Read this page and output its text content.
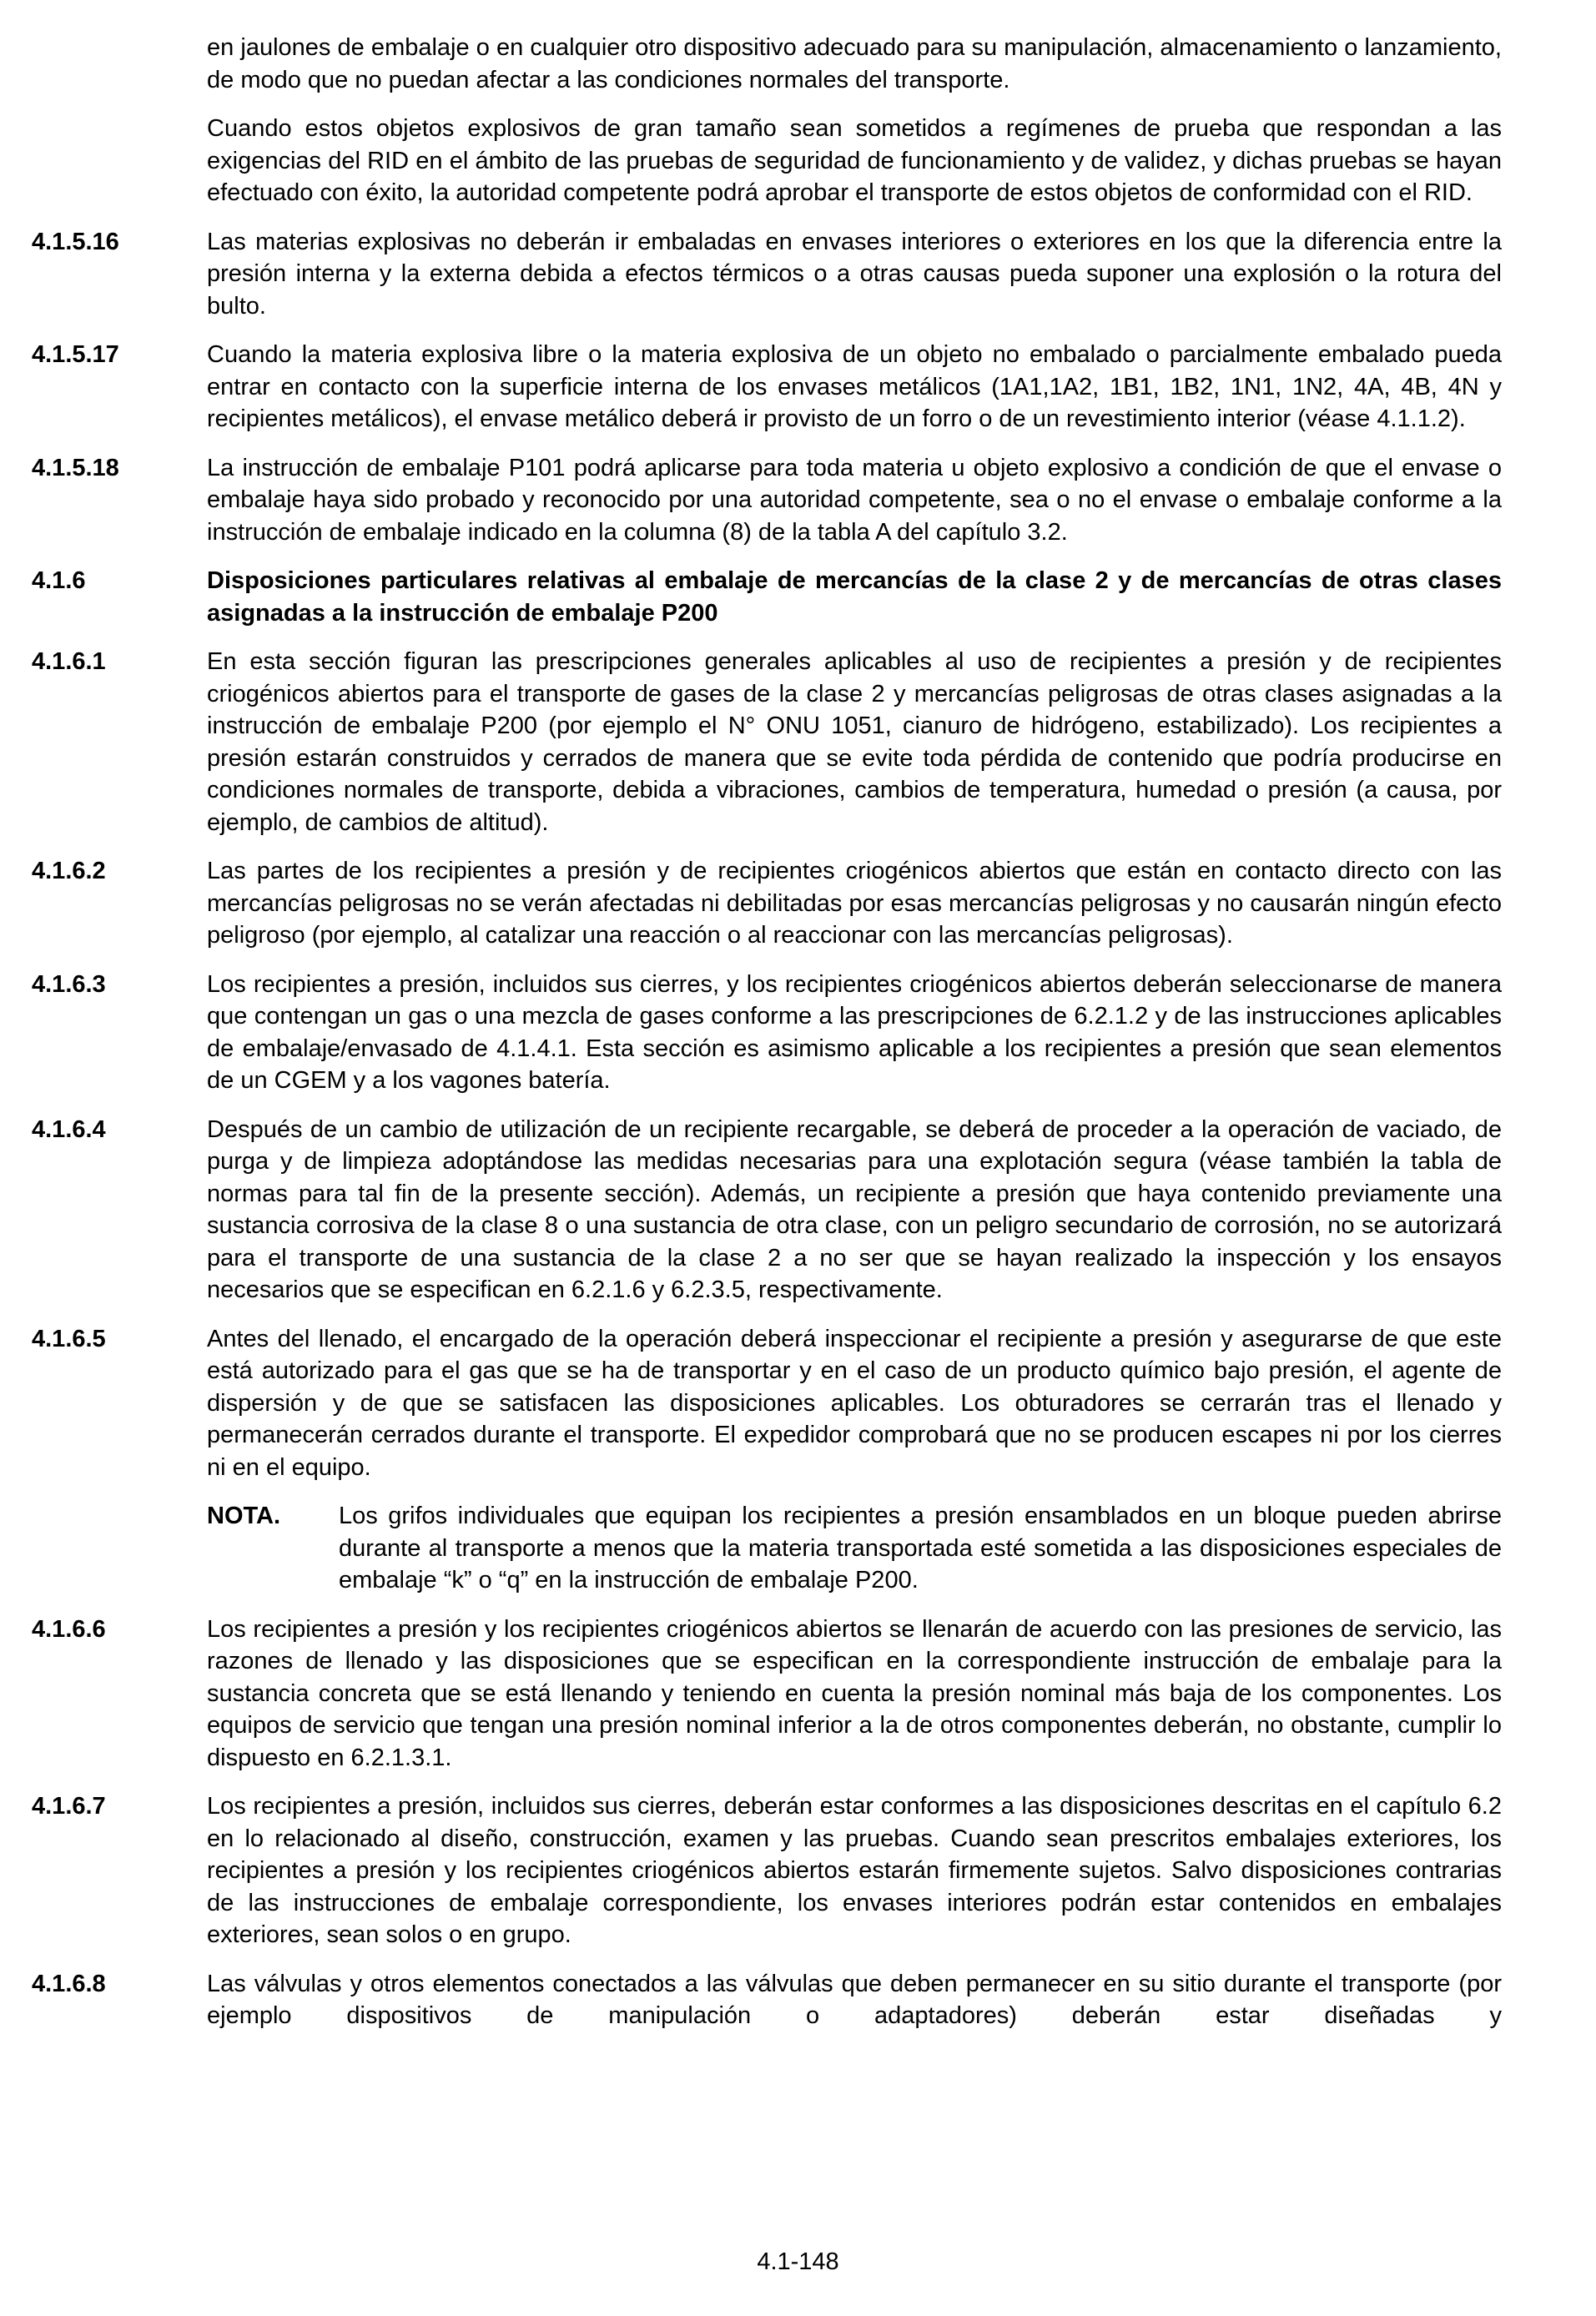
en jaulones de embalaje o en cualquier otro dispositivo adecuado para su manipulación, almacenamiento o lanzamiento, de modo que no puedan afectar a las condiciones normales del transporte.
Cuando estos objetos explosivos de gran tamaño sean sometidos a regímenes de prueba que respondan a las exigencias del RID en el ámbito de las pruebas de seguridad de funcionamiento y de validez, y dichas pruebas se hayan efectuado con éxito, la autoridad competente podrá aprobar el transporte de estos objetos de conformidad con el RID.
4.1.5.16	Las materias explosivas no deberán ir embaladas en envases interiores o exteriores en los que la diferencia entre la presión interna y la externa debida a efectos térmicos o a otras causas pueda suponer una explosión o la rotura del bulto.
4.1.5.17	Cuando la materia explosiva libre o la materia explosiva de un objeto no embalado o parcialmente embalado pueda entrar en contacto con la superficie interna de los envases metálicos (1A1,1A2, 1B1, 1B2, 1N1, 1N2, 4A, 4B, 4N y recipientes metálicos), el envase metálico deberá ir provisto de un forro o de un revestimiento interior (véase 4.1.1.2).
4.1.5.18	La instrucción de embalaje P101 podrá aplicarse para toda materia u objeto explosivo a condición de que el envase o embalaje haya sido probado y reconocido por una autoridad competente, sea o no el envase o embalaje conforme a la instrucción de embalaje indicado en la columna (8) de la tabla A del capítulo 3.2.
4.1.6	Disposiciones particulares relativas al embalaje de mercancías de la clase 2 y de mercancías de otras clases asignadas a la instrucción de embalaje P200
4.1.6.1	En esta sección figuran las prescripciones generales aplicables al uso de recipientes a presión y de recipientes criogénicos abiertos para el transporte de gases de la clase 2 y mercancías peligrosas de otras clases asignadas a la instrucción de embalaje P200 (por ejemplo el N° ONU 1051, cianuro de hidrógeno, estabilizado). Los recipientes a presión estarán construidos y cerrados de manera que se evite toda pérdida de contenido que podría producirse en condiciones normales de transporte, debida a vibraciones, cambios de temperatura, humedad o presión (a causa, por ejemplo, de cambios de altitud).
4.1.6.2	Las partes de los recipientes a presión y de recipientes criogénicos abiertos que están en contacto directo con las mercancías peligrosas no se verán afectadas ni debilitadas por esas mercancías peligrosas y no causarán ningún efecto peligroso (por ejemplo, al catalizar una reacción o al reaccionar con las mercancías peligrosas).
4.1.6.3	Los recipientes a presión, incluidos sus cierres, y los recipientes criogénicos abiertos deberán seleccionarse de manera que contengan un gas o una mezcla de gases conforme a las prescripciones de 6.2.1.2 y de las instrucciones aplicables de embalaje/envasado de 4.1.4.1. Esta sección es asimismo aplicable a los recipientes a presión que sean elementos de un CGEM y a los vagones batería.
4.1.6.4	Después de un cambio de utilización de un recipiente recargable, se deberá de proceder a la operación de vaciado, de purga y de limpieza adoptándose las medidas necesarias para una explotación segura (véase también la tabla de normas para tal fin de la presente sección). Además, un recipiente a presión que haya contenido previamente una sustancia corrosiva de la clase 8 o una sustancia de otra clase, con un peligro secundario de corrosión, no se autorizará para el transporte de una sustancia de la clase 2 a no ser que se hayan realizado la inspección y los ensayos necesarios que se especifican en 6.2.1.6 y 6.2.3.5, respectivamente.
4.1.6.5	Antes del llenado, el encargado de la operación deberá inspeccionar el recipiente a presión y asegurarse de que este está autorizado para el gas que se ha de transportar y en el caso de un producto químico bajo presión, el agente de dispersión y de que se satisfacen las disposiciones aplicables. Los obturadores se cerrarán tras el llenado y permanecerán cerrados durante el transporte. El expedidor comprobará que no se producen escapes ni por los cierres ni en el equipo.
NOTA. Los grifos individuales que equipan los recipientes a presión ensamblados en un bloque pueden abrirse durante al transporte a menos que la materia transportada esté sometida a las disposiciones especiales de embalaje “k” o “q” en la instrucción de embalaje P200.
4.1.6.6	Los recipientes a presión y los recipientes criogénicos abiertos se llenarán de acuerdo con las presiones de servicio, las razones de llenado y las disposiciones que se especifican en la correspondiente instrucción de embalaje para la sustancia concreta que se está llenando y teniendo en cuenta la presión nominal más baja de los componentes. Los equipos de servicio que tengan una presión nominal inferior a la de otros componentes deberán, no obstante, cumplir lo dispuesto en 6.2.1.3.1.
4.1.6.7	Los recipientes a presión, incluidos sus cierres, deberán estar conformes a las disposiciones descritas en el capítulo 6.2 en lo relacionado al diseño, construcción, examen y las pruebas. Cuando sean prescritos embalajes exteriores, los recipientes a presión y los recipientes criogénicos abiertos estarán firmemente sujetos. Salvo disposiciones contrarias de las instrucciones de embalaje correspondiente, los envases interiores podrán estar contenidos en embalajes exteriores, sean solos o en grupo.
4.1.6.8	Las válvulas y otros elementos conectados a las válvulas que deben permanecer en su sitio durante el transporte (por ejemplo dispositivos de manipulación o adaptadores) deberán estar diseñadas y
4.1-148
